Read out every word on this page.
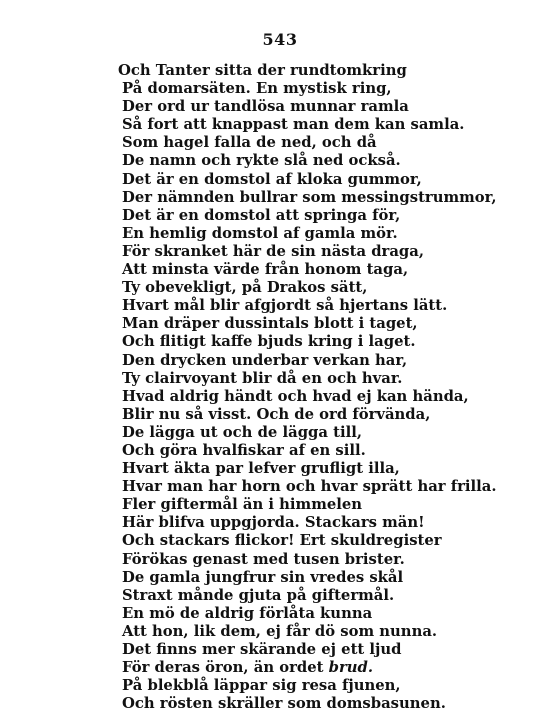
543
Och Tanter sitta der rundtomkring
På domarsäten. En mystisk ring,
Der ord ur tandlösa munnar ramla
Så fort att knappast man dem kan samla.
Som hagel falla de ned, och då
De namn och rykte slå ned också.
Det är en domstol af kloka gummor,
Der nämnden bullrar som messingstrummor,
Det är en domstol att springa för,
En hemlig domstol af gamla mör.
För skranket här de sin nästa draga,
Att minsta värde från honom taga,
Ty obevekligt, på Drakos sätt,
Hvart mål blir afgjordt så hjertans lätt.
Man dräper dussintals blott i taget,
Och flitigt kaffe bjuds kring i laget.
Den drycken underbar verkan har,
Ty clairvoyant blir då en och hvar.
Hvad aldrig händt och hvad ej kan hända,
Blir nu så visst. Och de ord förvända,
De lägga ut och de lägga till,
Och göra hvalfiskar af en sill.
Hvart äkta par lefver grufligt illa,
Hvar man har horn och hvar sprätt har frilla.
Fler giftermål än i himmelen
Här blifva uppgjorda. Stackars män!
Och stackars flickor! Ert skuldregister
Förökas genast med tusen brister.
De gamla jungfrur sin vredes skål
Straxt månde gjuta på giftermål.
En mö de aldrig förlåta kunna
Att hon, lik dem, ej får dö som nunna.
Det finns mer skärande ej ett ljud
För deras öron, än ordet brud.
På blekblå läppar sig resa fjunen,
Och rösten skräller som domsbasunen.
